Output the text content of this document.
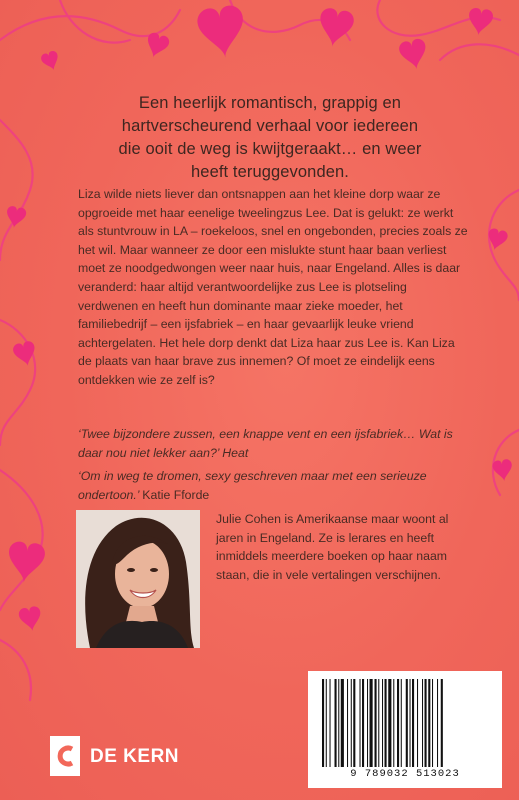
Een heerlijk romantisch, grappig en
hartverscheurend verhaal voor iedereen
die ooit de weg is kwijtgeraakt… en weer
heeft teruggevonden.

Liza wilde niets liever dan ontsnappen aan het kleine dorp waar ze opgroeide met haar eenelige tweelingzus Lee. Dat is gelukt: ze werkt als stuntvrouw in LA – roekeloos, snel en ongebonden, precies zoals ze het wil. Maar wanneer ze door een mislukte stunt haar baan verliest moet ze noodgedwongen weer naar huis, naar Engeland. Alles is daar veranderd: haar altijd verantwoordelijke zus Lee is plotseling verdwenen en heeft hun dominante maar zieke moeder, het familiebedrijf – een ijsfabriek – en haar gevaarlijk leuke vriend achtergelaten. Het hele dorp denkt dat Liza haar zus Lee is. Kan Liza de plaats van haar brave zus innemen? Of moet ze eindelijk eens ontdekken wie ze zelf is?

‘Twee bijzondere zussen, een knappe vent en een ijsfabriek… Wat is daar nou niet lekker aan?’ Heat

‘Om in weg te dromen, sexy geschreven maar met een serieuze ondertoon.’ Katie Fforde

Julie Cohen is Amerikaanse maar woont al jaren in Engeland. Ze is lerares en heeft inmiddels meerdere boeken op haar naam staan, die in vele vertalingen verschijnen.

DE KERN
9 789032 513023
